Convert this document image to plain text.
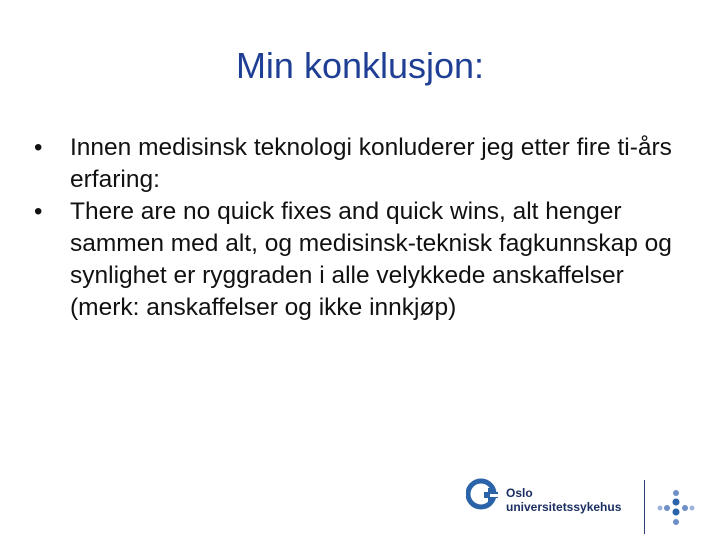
Min konklusjon:
• Innen medisinsk teknologi konluderer jeg etter fire ti-års erfaring:
• There are no quick fixes and quick wins, alt henger sammen med alt, og medisinsk-teknisk fagkunnskap og synlighet er ryggraden i alle velykkede anskaffelser (merk: anskaffelser og ikke innkjøp)
Oslo
universitetssykehus
